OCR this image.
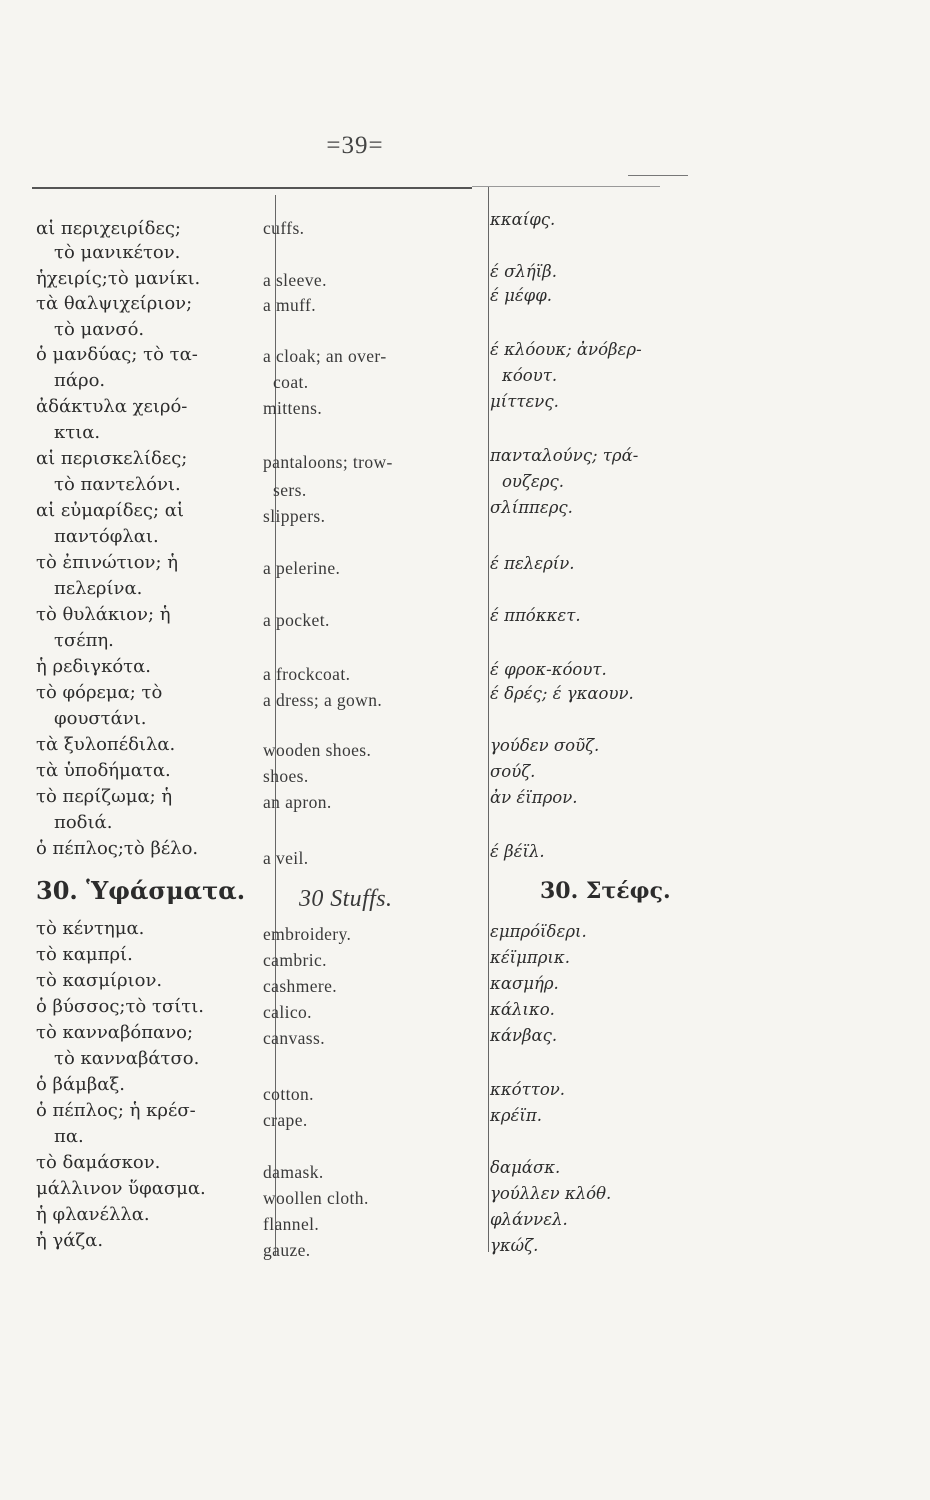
=39=
αἱ περιχειρίδες;
τὸ μανικέτον.
ἡχειρίς;τὸ μανίκι.
τὰ θαλψιχείριον;
τὸ μανσό.
ὁ μανδύας; τὸ τα-
πάρο.
ἀδάκτυλα χειρό-
κτια.
αἱ περισκελίδες;
τὸ παντελόνι.
αἱ εὐμαρίδες; αἱ
παντόφλαι.
τὸ ἐπινώτιον; ἡ
πελερίνα.
τὸ θυλάκιον; ἡ
τσέπη.
ἡ ρεδιγκότα.
τὸ φόρεμα; τὸ
φουστάνι.
τὰ ξυλοπέδιλα.
τὰ ὑποδήματα.
τὸ περίζωμα; ἡ
ποδιά.
ὁ πέπλος;τὸ βέλο.
30. Ὑφάσματα.
τὸ κέντημα.
τὸ καμπρί.
τὸ κασμίριον.
ὁ βύσσος;τὸ τσίτι.
τὸ κανναβόπανο;
τὸ κανναβάτσο.
ὁ βάμβαξ.
ὁ πέπλος; ἡ κρέσ-
πα.
τὸ δαμάσκον.
μάλλινον ὕφασμα.
ἡ φλανέλλα.
ἡ γάζα.
cuffs.
a sleeve.
a muff.
a cloak; an over-
coat.
mittens.
pantaloons; trow-
sers.
slippers.
a pelerine.
a pocket.
a frockcoat.
a dress; a gown.
wooden shoes.
shoes.
an apron.
a veil.
30 Stuffs.
embroidery.
cambric.
cashmere.
calico.
canvass.
cotton.
crape.
damask.
woollen cloth.
flannel.
gauze.
κκαίφς.
έ σλήϊβ.
έ μέφφ.
έ κλόουκ; ἀνόβερ-
κόουτ.
μίττενς.
πανταλούνς; τρά-
ουζερς.
σλίππερς.
έ πελερίν.
έ ππόκκετ.
έ φροκ-κόουτ.
έ δρές; έ γκαουν.
γούδεν σοῦζ.
σούζ.
ἀν έϊπρον.
έ βέϊλ.
30. Στέφς.
εμπρόϊδερι.
κέϊμπρικ.
κασμήρ.
κάλικο.
κάνβας.
κκόττον.
κρέϊπ.
δαμάσκ.
γούλλεν κλόθ.
φλάννελ.
γκώζ.
